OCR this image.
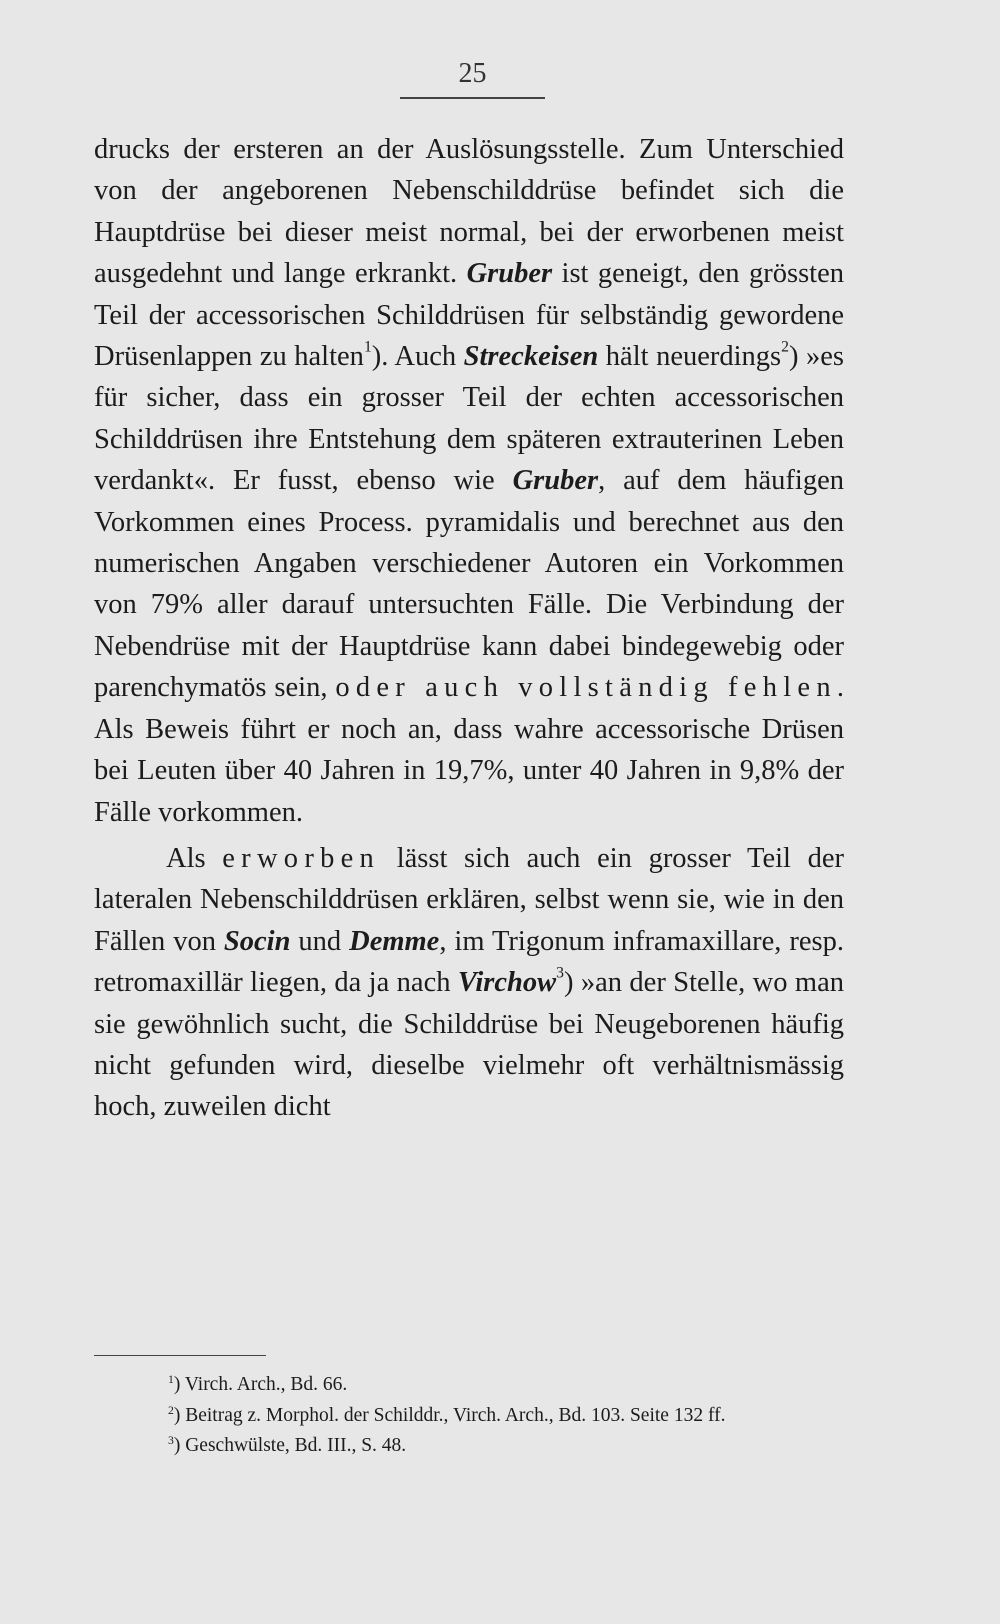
25

drucks der ersteren an der Auslösungsstelle. Zum Unterschied von der angeborenen Nebenschilddrüse befindet sich die Hauptdrüse bei dieser meist normal, bei der erworbenen meist ausgedehnt und lange erkrankt. Gruber ist geneigt, den grössten Teil der accessorischen Schilddrüsen für selbständig gewordene Drüsenlappen zu halten$^1$). Auch Streckeisen hält neuerdings$^2$) »es für sicher, dass ein grosser Teil der echten accessorischen Schilddrüsen ihre Entstehung dem späteren extrauterinen Leben verdankt«. Er fusst, ebenso wie Gruber, auf dem häufigen Vorkommen eines Process. pyramidalis und berechnet aus den numerischen Angaben verschiedener Autoren ein Vorkommen von 79% aller darauf untersuchten Fälle. Die Verbindung der Nebendrüse mit der Hauptdrüse kann dabei bindegewebig oder parenchymatös sein, oder auch vollständig fehlen. Als Beweis führt er noch an, dass wahre accessorische Drüsen bei Leuten über 40 Jahren in 19,7%, unter 40 Jahren in 9,8% der Fälle vorkommen.

Als erworben lässt sich auch ein grosser Teil der lateralen Nebenschilddrüsen erklären, selbst wenn sie, wie in den Fällen von Socin und Demme, im Trigonum inframaxillare, resp. retromaxillär liegen, da ja nach Virchow$^3$) »an der Stelle, wo man sie gewöhnlich sucht, die Schilddrüse bei Neugeborenen häufig nicht gefunden wird, dieselbe vielmehr oft verhältnismässig hoch, zuweilen dicht

$^1$) Virch. Arch., Bd. 66.

$^2$) Beitrag z. Morphol. der Schilddr., Virch. Arch., Bd. 103. Seite 132 ff.

$^3$) Geschwülste, Bd. III., S. 48.
